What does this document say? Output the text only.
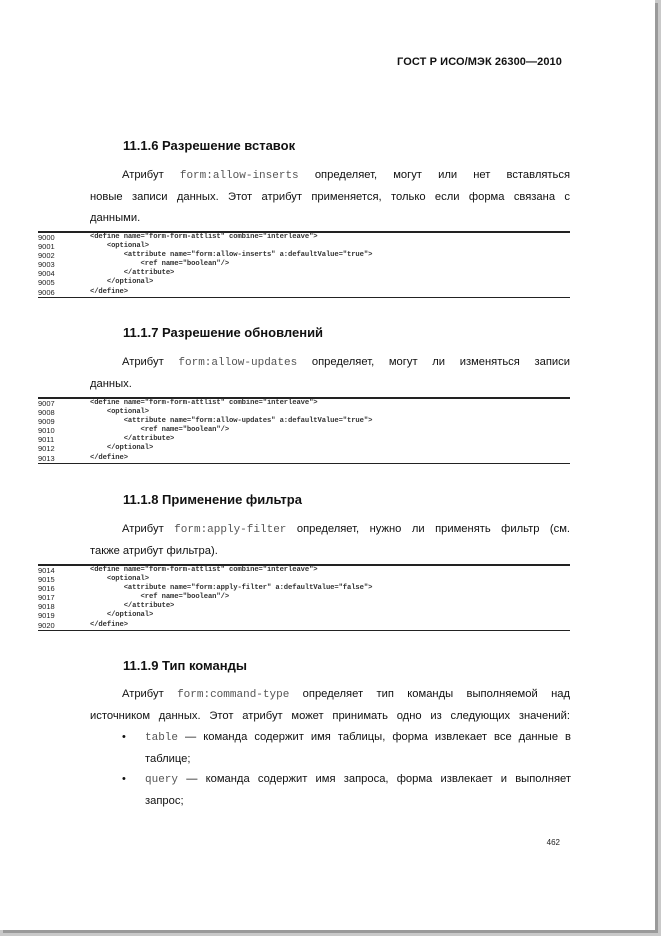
ГОСТ Р ИСО/МЭК 26300—2010
11.1.6 Разрешение вставок
Атрибут form:allow-inserts определяет, могут или нет вставляться
новые записи данных. Этот атрибут применяется, только если форма связана с
данными.
9000	<define name="form-form-attlist" combine="interleave">
9001	<optional>
9002	<attribute name="form:allow-inserts" a:defaultValue="true">
9003	<ref name="boolean"/>
9004	</attribute>
9005	</optional>
9006	</define>
11.1.7 Разрешение обновлений
Атрибут form:allow-updates определяет, могут ли изменяться записи
данных.
9007	<define name="form-form-attlist" combine="interleave">
9008	<optional>
9009	<attribute name="form:allow-updates" a:defaultValue="true">
9010	<ref name="boolean"/>
9011	</attribute>
9012	</optional>
9013	</define>
11.1.8 Применение фильтра
Атрибут form:apply-filter определяет, нужно ли применять фильтр (см.
также атрибут фильтра).
9014	<define name="form-form-attlist" combine="interleave">
9015	<optional>
9016	<attribute name="form:apply-filter" a:defaultValue="false">
9017	<ref name="boolean"/>
9018	</attribute>
9019	</optional>
9020	</define>
11.1.9 Тип команды
Атрибут form:command-type определяет тип команды выполняемой над
источником данных. Этот атрибут может принимать одно из следующих значений:
• table — команда содержит имя таблицы, форма извлекает все данные в
таблице;
• query — команда содержит имя запроса, форма извлекает и выполняет
запрос;
462
